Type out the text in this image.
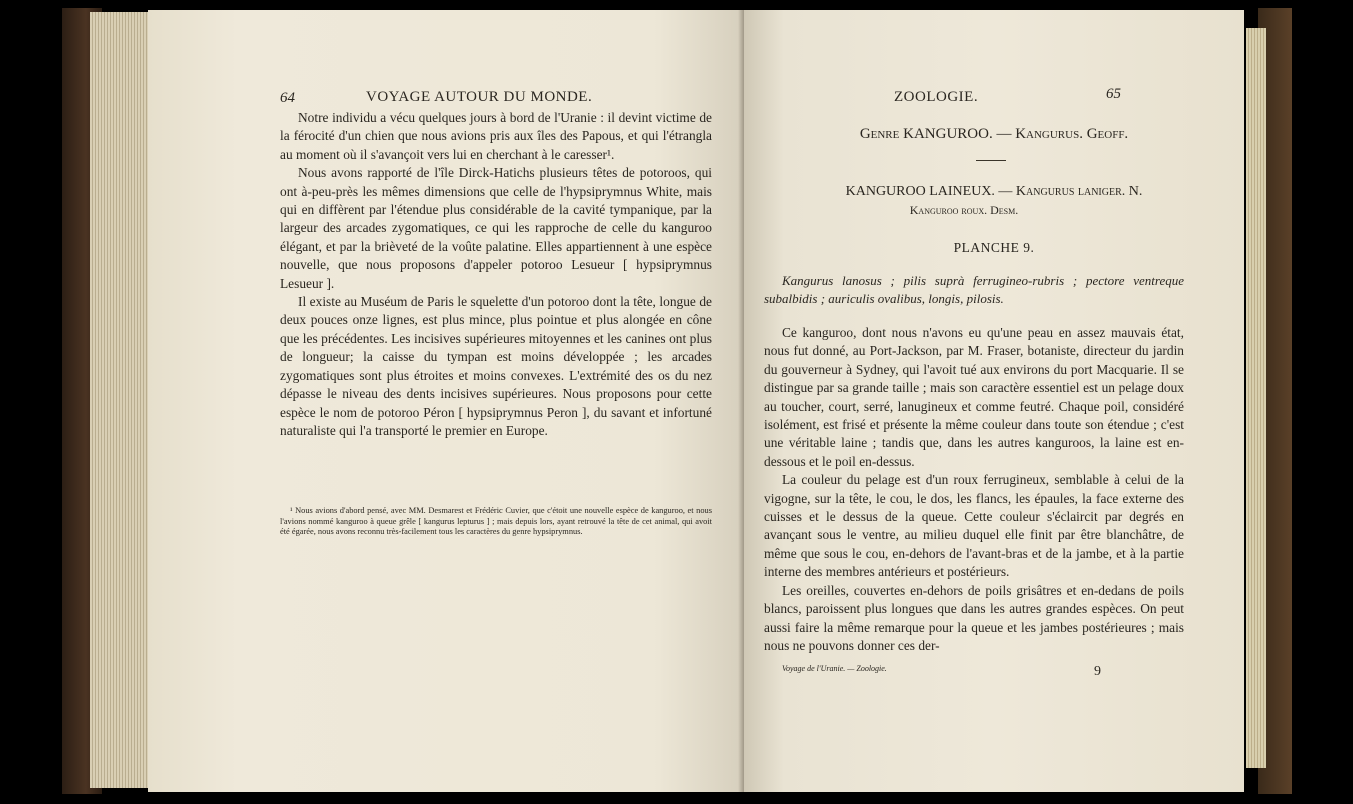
64	VOYAGE AUTOUR DU MONDE.

Notre individu a vécu quelques jours à bord de l'Uranie : il devint victime de la férocité d'un chien que nous avions pris aux îles des Papous, et qui l'étrangla au moment où il s'avançoit vers lui en cherchant à le caresser¹.

Nous avons rapporté de l'île Dirck-Hatichs plusieurs têtes de potoroos, qui ont à-peu-près les mêmes dimensions que celle de l'hypsiprymnus White, mais qui en diffèrent par l'étendue plus considérable de la cavité tympanique, par la largeur des arcades zygomatiques, ce qui les rapproche de celle du kanguroo élégant, et par la brièveté de la voûte palatine. Elles appartiennent à une espèce nouvelle, que nous proposons d'appeler potoroo Lesueur [ hypsiprymnus Lesueur ].

Il existe au Muséum de Paris le squelette d'un potoroo dont la tête, longue de deux pouces onze lignes, est plus mince, plus pointue et plus alongée en cône que les précédentes. Les incisives supérieures mitoyennes et les canines ont plus de longueur; la caisse du tympan est moins développée ; les arcades zygomatiques sont plus étroites et moins convexes. L'extrémité des os du nez dépasse le niveau des dents incisives supérieures. Nous proposons pour cette espèce le nom de potoroo Péron [ hypsiprymnus Peron ], du savant et infortuné naturaliste qui l'a transporté le premier en Europe.

¹ Nous avions d'abord pensé, avec MM. Desmarest et Frédéric Cuvier, que c'étoit une nouvelle espèce de kanguroo, et nous l'avions nommé kanguroo à queue grêle [ kangurus lepturus ] ; mais depuis lors, ayant retrouvé la tête de cet animal, qui avoit été égarée, nous avons reconnu très-facilement tous les caractères du genre hypsiprymnus.

ZOOLOGIE.	65
Genre KANGUROO. — Kangurus. Geoff.
KANGUROO LAINEUX. — Kangurus laniger. N.
Kanguroo roux. Desm.
PLANCHE 9.

Kangurus lanosus ; pilis suprà ferrugineo-rubris ; pectore ventreque subalbidis ; auriculis ovalibus, longis, pilosis.

Ce kanguroo, dont nous n'avons eu qu'une peau en assez mauvais état, nous fut donné, au Port-Jackson, par M. Fraser, botaniste, directeur du jardin du gouverneur à Sydney, qui l'avoit tué aux environs du port Macquarie. Il se distingue par sa grande taille ; mais son caractère essentiel est un pelage doux au toucher, court, serré, lanugineux et comme feutré. Chaque poil, considéré isolément, est frisé et présente la même couleur dans toute son étendue ; c'est une véritable laine ; tandis que, dans les autres kanguroos, la laine est en-dessous et le poil en-dessus.

La couleur du pelage est d'un roux ferrugineux, semblable à celui de la vigogne, sur la tête, le cou, le dos, les flancs, les épaules, la face externe des cuisses et le dessus de la queue. Cette couleur s'éclaircit par degrés en avançant sous le ventre, au milieu duquel elle finit par être blanchâtre, de même que sous le cou, en-dehors de l'avant-bras et de la jambe, et à la partie interne des membres antérieurs et postérieurs.

Les oreilles, couvertes en-dehors de poils grisâtres et en-dedans de poils blancs, paroissent plus longues que dans les autres grandes espèces. On peut aussi faire la même remarque pour la queue et les jambes postérieures ; mais nous ne pouvons donner ces der-

Voyage de l'Uranie. — Zoologie.	9
